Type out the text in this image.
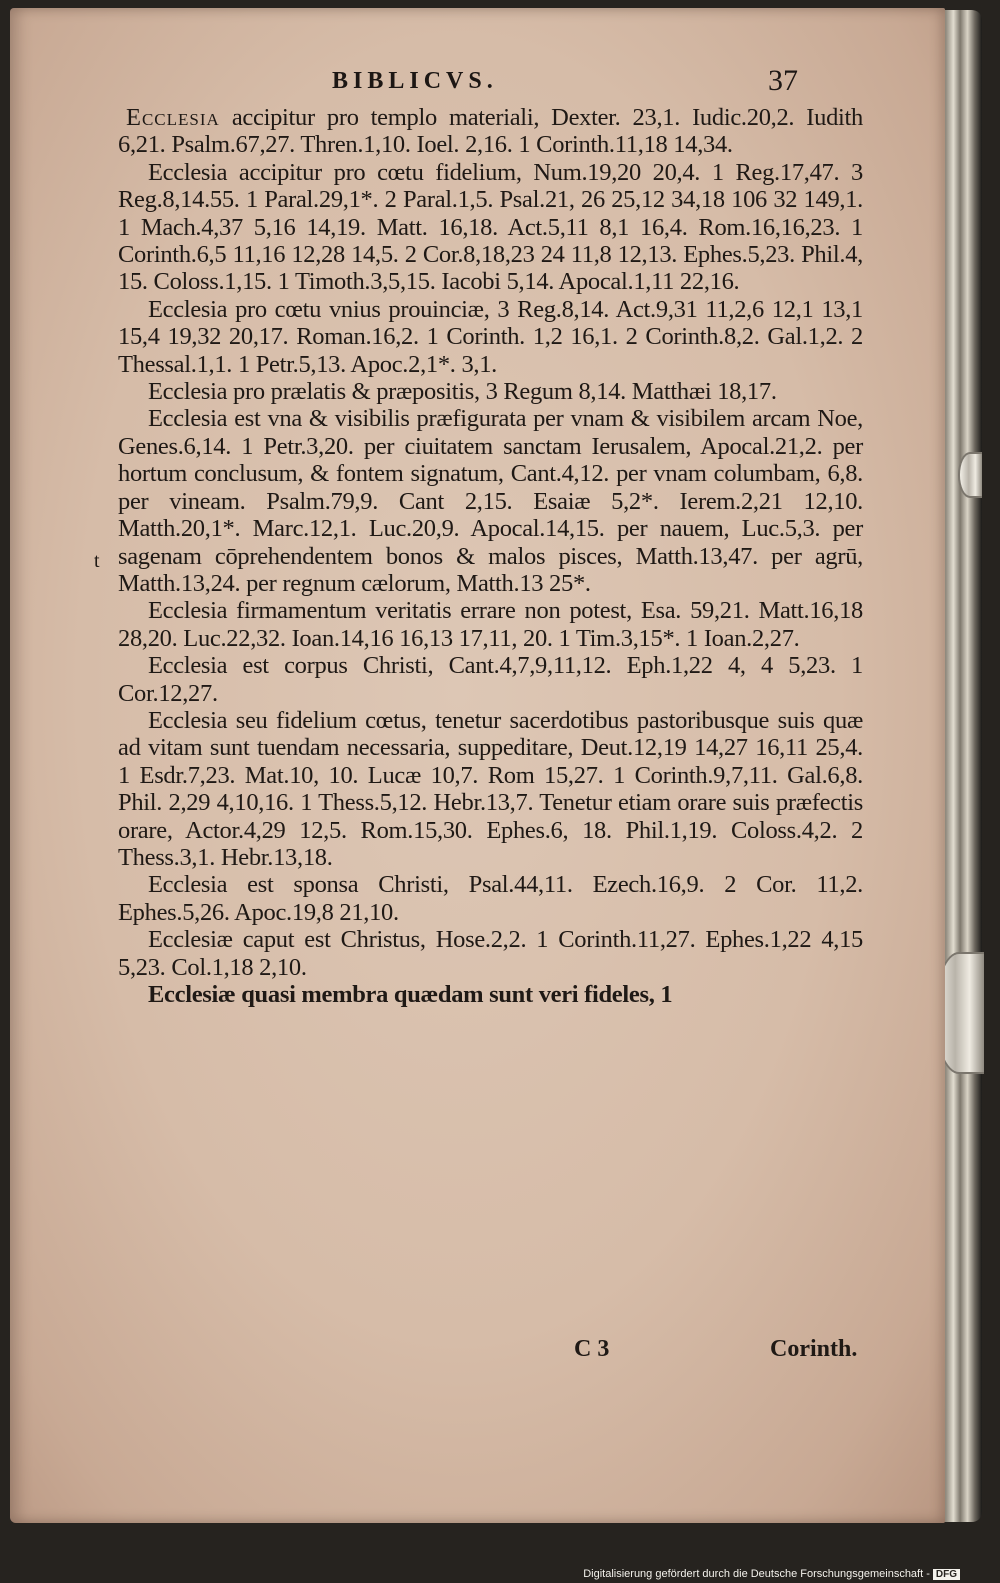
BIBLICVS.	37
t

Ecclesia accipitur pro templo materiali, Dexter. 23,1. Iudic.20,2. Iudith 6,21. Psalm.67,27. Thren.1,10. Ioel. 2,16. 1 Corinth.11,18 14,34.

Ecclesia accipitur pro cœtu fidelium, Num.19,20 20,4. 1 Reg.17,47. 3 Reg.8,14.55. 1 Paral.29,1*. 2 Paral.1,5. Psal.21, 26 25,12 34,18 106 32 149,1. 1 Mach.4,37 5,16 14,19. Matt. 16,18. Act.5,11 8,1 16,4. Rom.16,16,23. 1 Corinth.6,5 11,16 12,28 14,5. 2 Cor.8,18,23 24 11,8 12,13. Ephes.5,23. Phil.4, 15. Coloss.1,15. 1 Timoth.3,5,15. Iacobi 5,14. Apocal.1,11 22,16.

Ecclesia pro cœtu vnius prouinciæ, 3 Reg.8,14. Act.9,31 11,2,6 12,1 13,1 15,4 19,32 20,17. Roman.16,2. 1 Corinth. 1,2 16,1. 2 Corinth.8,2. Gal.1,2. 2 Thessal.1,1. 1 Petr.5,13. Apoc.2,1*. 3,1.

Ecclesia pro prælatis & præpositis, 3 Regum 8,14. Matthæi 18,17.

Ecclesia est vna & visibilis præfigurata per vnam & visibilem arcam Noe, Genes.6,14. 1 Petr.3,20. per ciuitatem sanctam Ierusalem, Apocal.21,2. per hortum conclusum, & fontem signatum, Cant.4,12. per vnam columbam, 6,8. per vineam. Psalm.79,9. Cant 2,15. Esaiæ 5,2*. Ierem.2,21 12,10. Matth.20,1*. Marc.12,1. Luc.20,9. Apocal.14,15. per nauem, Luc.5,3. per sagenam cōprehendentem bonos & malos pisces, Matth.13,47. per agrū, Matth.13,24. per regnum cælorum, Matth.13 25*.

Ecclesia firmamentum veritatis errare non potest, Esa. 59,21. Matt.16,18 28,20. Luc.22,32. Ioan.14,16 16,13 17,11, 20. 1 Tim.3,15*. 1 Ioan.2,27.

Ecclesia est corpus Christi, Cant.4,7,9,11,12. Eph.1,22 4, 4 5,23. 1 Cor.12,27.

Ecclesia seu fidelium cœtus, tenetur sacerdotibus pastoribusque suis quæ ad vitam sunt tuendam necessaria, suppeditare, Deut.12,19 14,27 16,11 25,4. 1 Esdr.7,23. Mat.10, 10. Lucæ 10,7. Rom 15,27. 1 Corinth.9,7,11. Gal.6,8. Phil. 2,29 4,10,16. 1 Thess.5,12. Hebr.13,7. Tenetur etiam orare suis præfectis orare, Actor.4,29 12,5. Rom.15,30. Ephes.6, 18. Phil.1,19. Coloss.4,2. 2 Thess.3,1. Hebr.13,18.

Ecclesia est sponsa Christi, Psal.44,11. Ezech.16,9. 2 Cor. 11,2. Ephes.5,26. Apoc.19,8 21,10.

Ecclesiæ caput est Christus, Hose.2,2. 1 Corinth.11,27. Ephes.1,22 4,15 5,23. Col.1,18 2,10.

Ecclesiæ quasi membra quædam sunt veri fideles, 1

C 3	Corinth.
Digitalisierung gefördert durch die Deutsche Forschungsgemeinschaft - DFG
